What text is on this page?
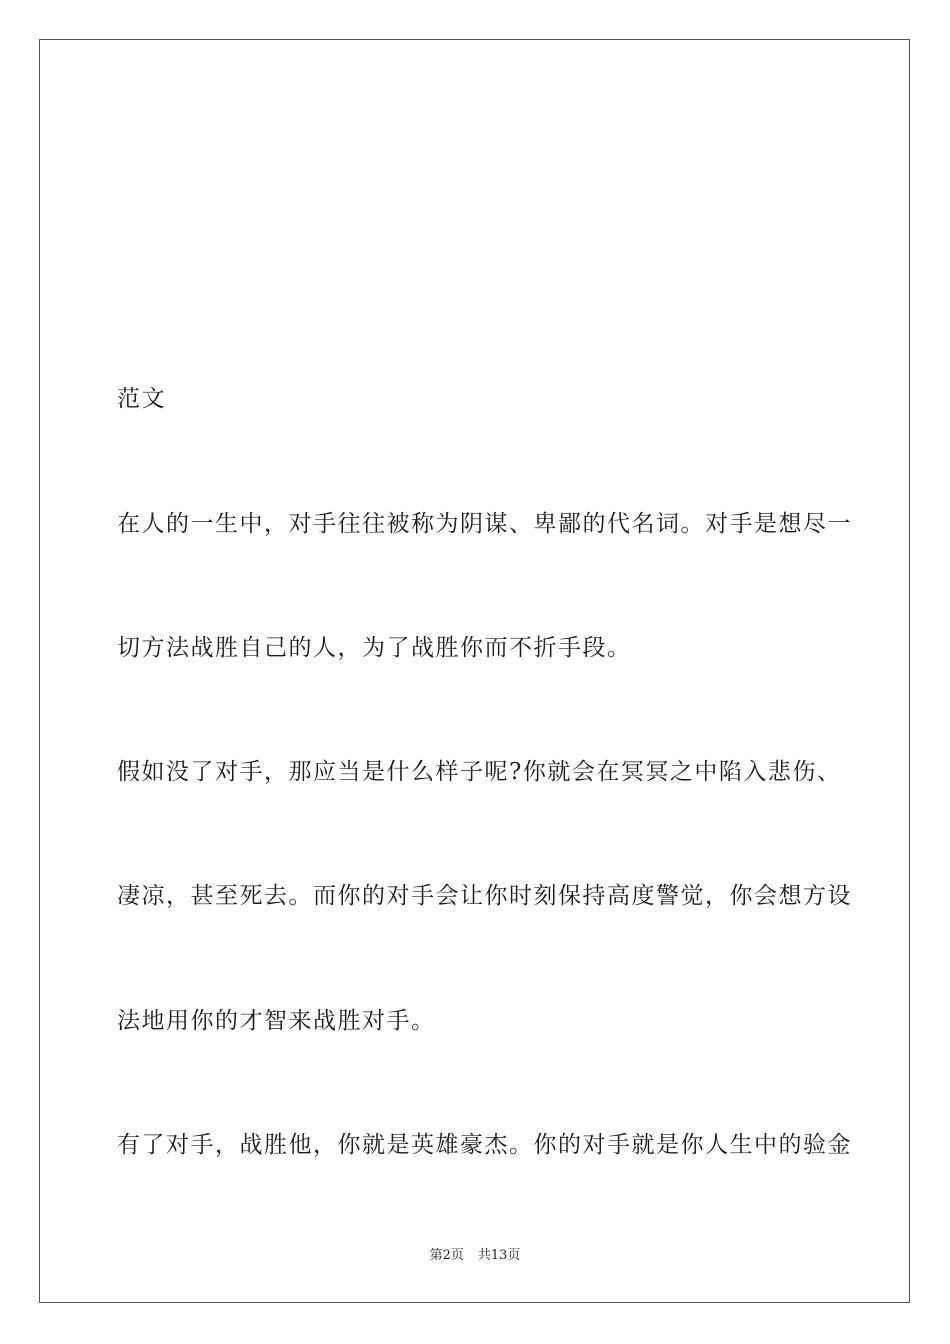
范文

在人的一生中，对手往往被称为阴谋、卑鄙的代名词。对手是想尽一

切方法战胜自己的人，为了战胜你而不折手段。

假如没了对手，那应当是什么样子呢?你就会在冥冥之中陷入悲伤、

凄凉，甚至死去。而你的对手会让你时刻保持高度警觉，你会想方设

法地用你的才智来战胜对手。

有了对手，战胜他，你就是英雄豪杰。你的对手就是你人生中的验金

第2页 共13页
